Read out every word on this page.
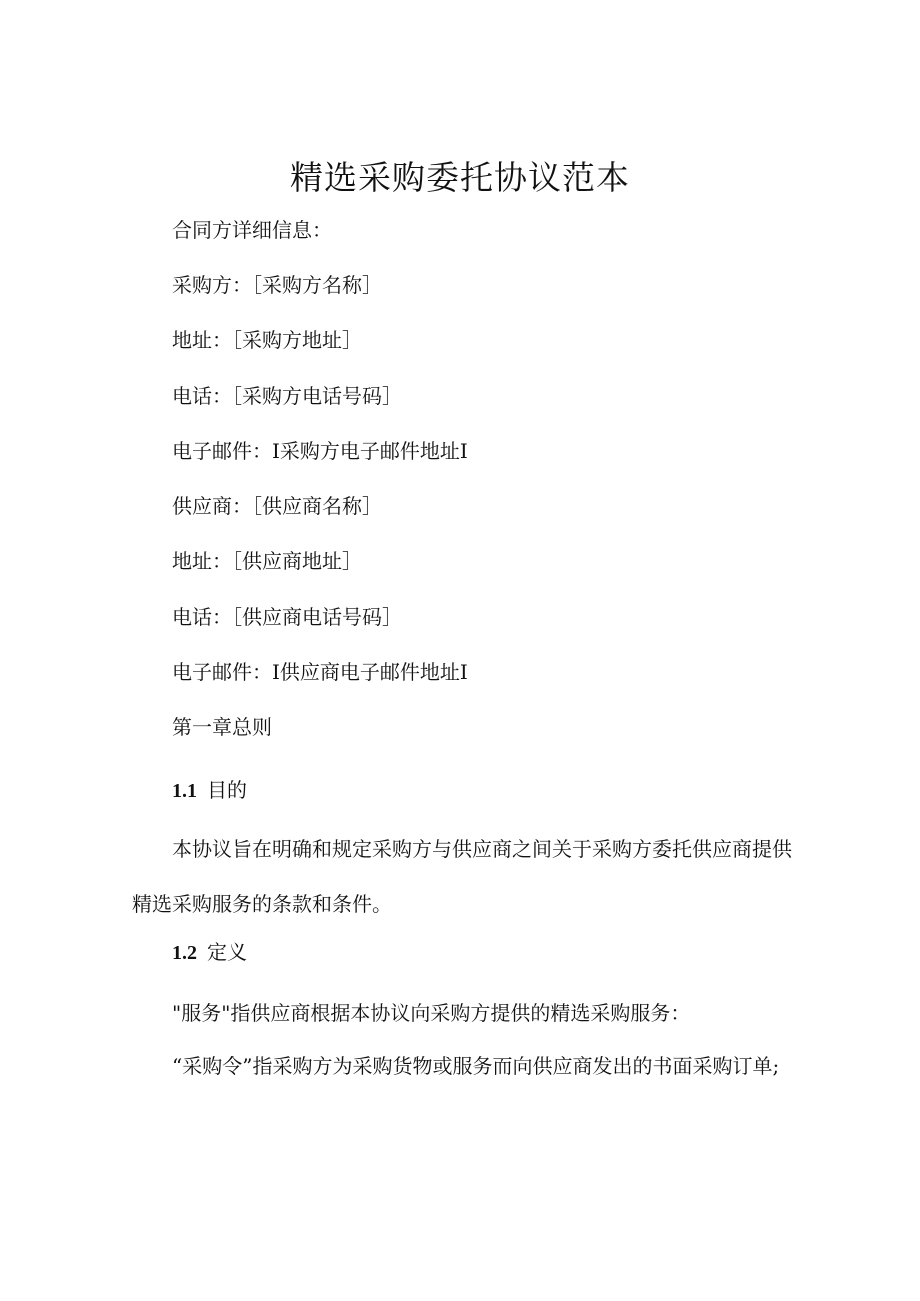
精选采购委托协议范本
合同方详细信息：
采购方：［采购方名称］
地址：［采购方地址］
电话：［采购方电话号码］
电子邮件：I采购方电子邮件地址I
供应商：［供应商名称］
地址：［供应商地址］
电话：［供应商电话号码］
电子邮件：I供应商电子邮件地址I
第一章总则
1.1 目的
本协议旨在明确和规定采购方与供应商之间关于采购方委托供应商提供精选采购服务的条款和条件。
1.2 定义
"服务"指供应商根据本协议向采购方提供的精选采购服务：
“采购令”指采购方为采购货物或服务而向供应商发出的书面采购订单;
